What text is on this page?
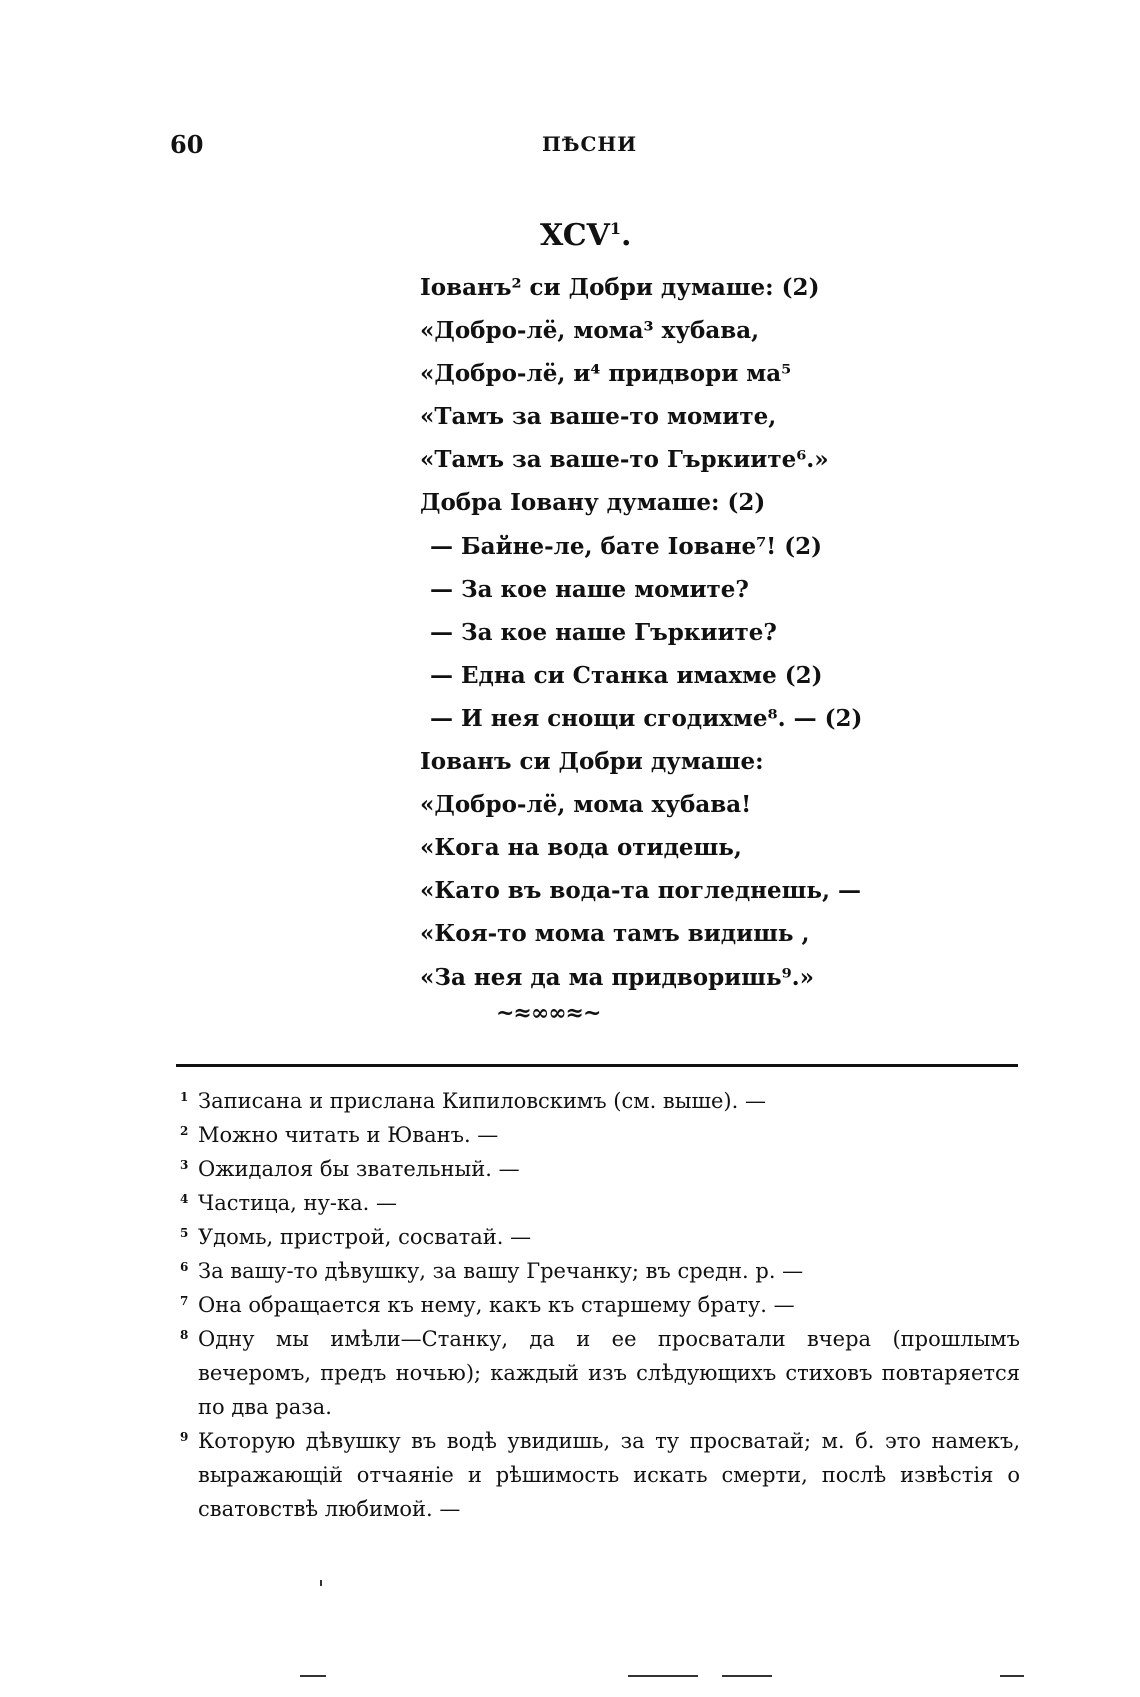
60	ПѢСНИ
XCV$^1$.
Іованъ² си Добри думаше: (2)
«Добро-лё, мома³ хубава,
«Добро-лё, и⁴ придвори ма⁵
«Тамъ за ваше-то момите,
«Тамъ за ваше-то Гъркиите⁶.»
Добра Іовану думаше: (2)
— Байне-ле, бате Іоване⁷! (2)
— За кое наше момите?
— За кое наше Гъркиите?
— Една си Станка имахме (2)
— И нея снощи сгодихме⁸. — (2)
Іованъ си Добри думаше:
«Добро-лё, мома хубава!
«Кога на вода отидешь,
«Като въ вода-та погледнешь, —
«Коя-то мома тамъ видишь ,
«За нея да ма придворишь⁹.»
~≈∞∞≈~
1 Записана и прислана Кипиловскимъ (см. выше). —
2 Можно читать и Юванъ. —
3 Ожидалоя бы звательный. —
4 Частица, ну-ка. —
5 Удомь, пристрой, сосватай. —
6 За вашу-то дѣвушку, за вашу Гречанку; въ средн. р. —
7 Она обращается къ нему, какъ къ старшему брату. —
8 Одну мы имѣли—Станку, да и ее просватали вчера (прошлымъ вечеромъ, предъ ночью); каждый изъ слѣдующихъ стиховъ повтаряется по два раза.
9 Которую дѣвушку въ водѣ увидишь, за ту просватай; м. б. это намекъ, выражающій отчаяніе и рѣшимость искать смерти, послѣ извѣстія о сватовствѣ любимой. —
